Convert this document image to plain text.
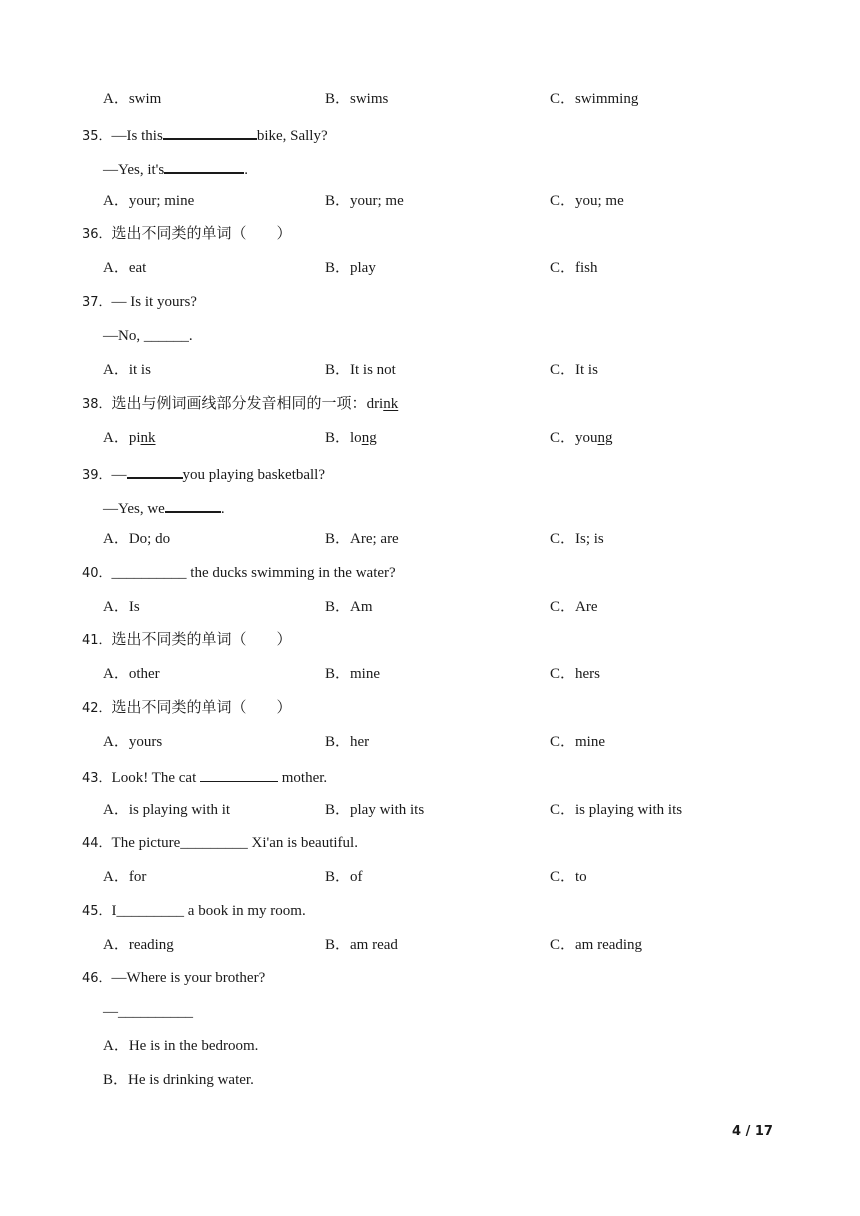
A．swim	B．swims	C．swimming
35．—Is this	bike, Sally?
—Yes, it's	.
A．your; mine	B．your; me	C．you; me
36．选出不同类的单词（　　）
A．eat	B．play	C．fish
37．— Is it yours?
—No, ______.
A．it is	B．It is not	C．It is
38．选出与例词画线部分发音相同的一项：drink
A．pink	B．long	C．young
39．—	you playing basketball?
—Yes, we	.
A．Do; do	B．Are; are	C．Is; is
40．__________ the ducks swimming in the water?
A．Is	B．Am	C．Are
41．选出不同类的单词（　　）
A．other	B．mine	C．hers
42．选出不同类的单词（　　）
A．yours	B．her	C．mine
43．Look! The cat	mother.
A．is playing with it	B．play with its	C．is playing with its
44．The picture_________ Xi'an is beautiful.
A．for	B．of	C．to
45．I_________ a book in my room.
A．reading	B．am read	C．am reading
46．—Where is your brother?
—__________
A．He is in the bedroom.
B．He is drinking water.
4 / 17
